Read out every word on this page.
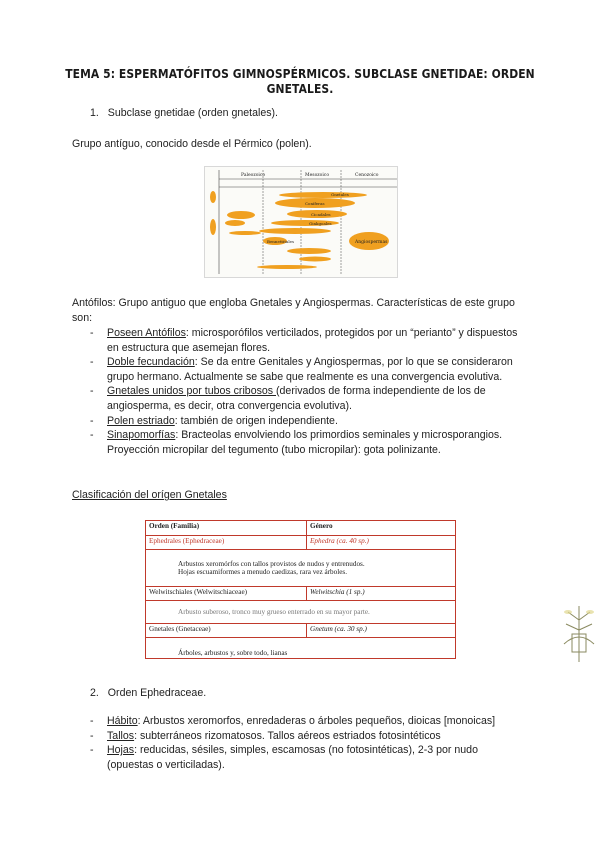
TEMA 5: ESPERMATÓFITOS GIMNOSPÉRMICOS. SUBCLASE GNETIDAE: ORDEN GNETALES.
1. Subclase gnetidae (orden gnetales).
Grupo antíguo, conocido desde el Pérmico (polen).
Paleozoico	Mesozoico	Cenozoico
Gnetales
Coníferas
Cicadales
Ginkgoales
Bennettitales	Angiospermas
Antófilos: Grupo antiguo que engloba Gnetales y Angiospermas. Características de este grupo son:
-	Poseen Antófilos: microsporófilos verticilados, protegidos por un “perianto” y dispuestos en estructura que asemejan flores.
-	Doble fecundación: Se da entre Genitales y Angiospermas, por lo que se consideraron grupo hermano. Actualmente se sabe que realmente es una convergencia evolutiva.
-	Gnetales unidos por tubos cribosos (derivados de forma independiente de los de angiosperma, es decir, otra convergencia evolutiva).
-	Polen estriado: también de origen independiente.
-	Sinapomorfías: Bracteolas envolviendo los primordios seminales y microsporangios. Proyección micropilar del tegumento (tubo micropilar): gota polinizante.
Clasificación del orígen Gnetales
Orden (Familia)	Género
Ephedrales (Ephedraceae)	Ephedra (ca. 40 sp.)

Arbustos xeromórfos con tallos provistos de nudos y entrenudos.
Hojas escuamiformes a menudo caedizas, rara vez árboles.	

Welwitschiales (Welwitschiaceae)	Welwitschia (1 sp.)
Arbusto suberoso, tronco muy grueso enterrado en su mayor parte.	
Gnetales (Gnetaceae)	Gnetum (ca. 30 sp.)
Árboles, arbustos y, sobre todo, lianas	
2. Orden Ephedraceae.
-	Hábito: Arbustos xeromorfos, enredaderas o árboles pequeños, dioicas [monoicas]
-	Tallos: subterráneos rizomatosos. Tallos aéreos estriados fotosintéticos
-	Hojas: reducidas, sésiles, simples, escamosas (no fotosintéticas), 2-3 por nudo (opuestas o verticiladas).
